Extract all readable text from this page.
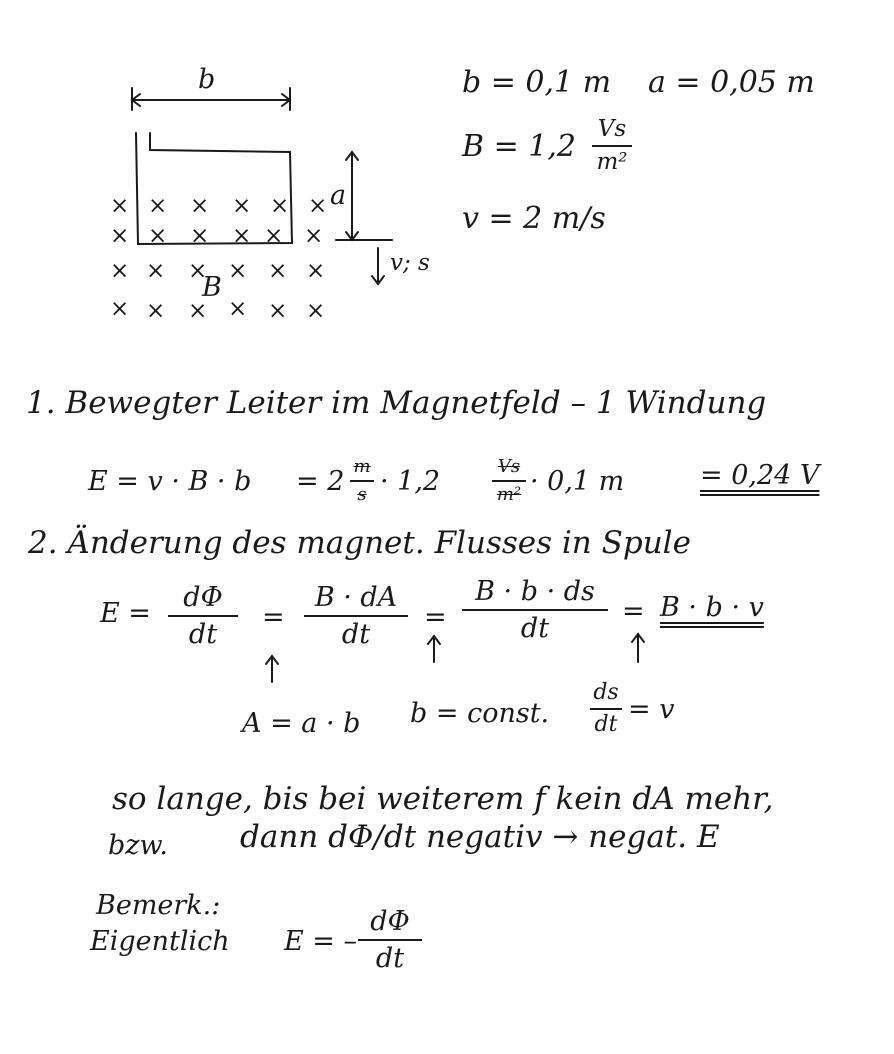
× × × × × ×
× × × × × ×
× × × × × ×
× × × × × ×
b
a
B
v; s
b = 0,1 m a = 0,05 m
B = 1,2 Vs
m²
v = 2 m/s
1. Bewegter Leiter im Magnetfeld – 1 Windung
E = v · B · b = 2 m
s · 1,2	Vs
m² · 0,1 m	= 0,24 V
2. Änderung des magnet. Flusses in Spule
E =
dΦ
dt
=
B · dA
dt
=
B · b · ds
dt
= B · b · v
A = a · b b = const.
ds
dt = v
so lange, bis bei weiterem f kein dA mehr,
bzw. dann dΦ/dt negativ → negat. E
Bemerk.:
Eigentlich E = –
dΦ
dt
